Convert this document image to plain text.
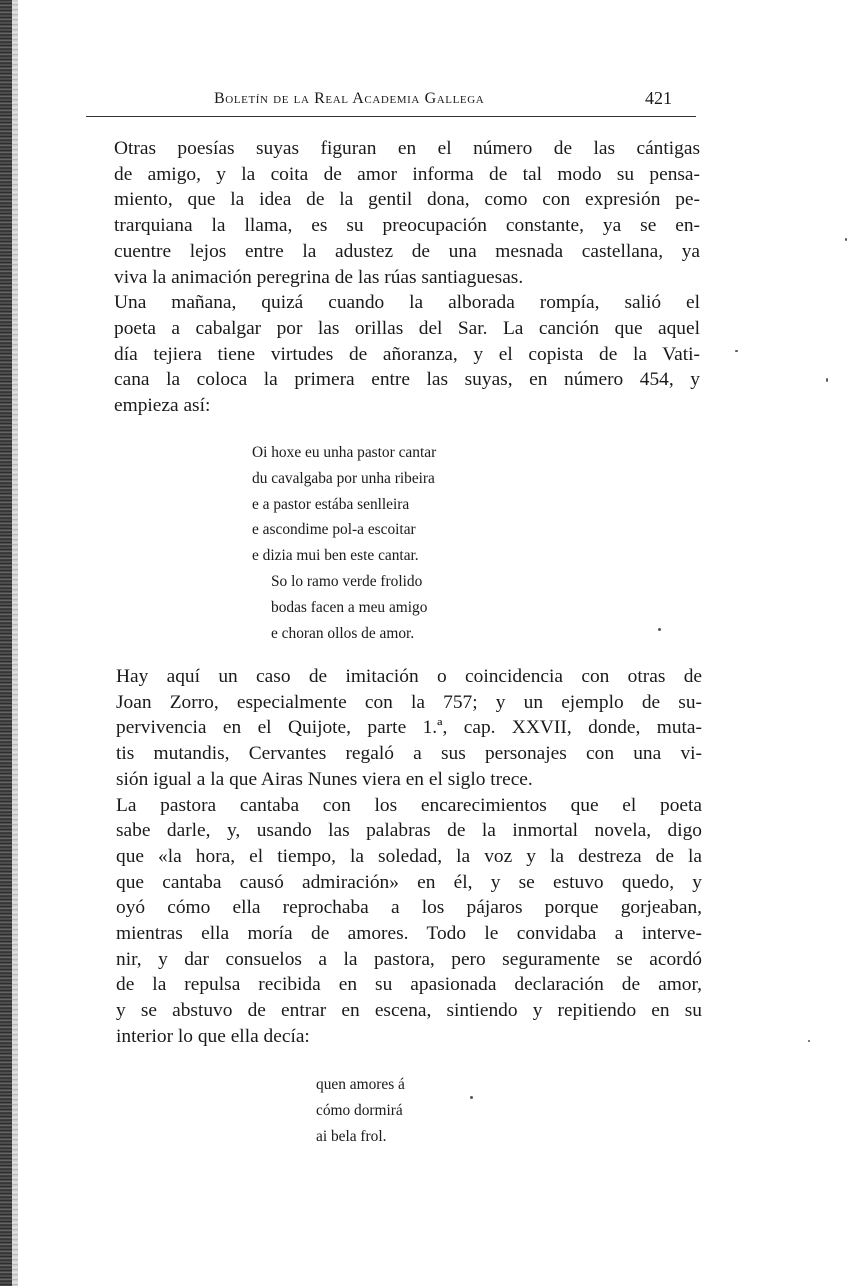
Boletín de la Real Academia Gallega	421

Otras poesías suyas figuran en el número de las cántigas
de amigo, y la coita de amor informa de tal modo su pensa-
miento, que la idea de la gentil dona, como con expresión pe-
trarquiana la llama, es su preocupación constante, ya se en-
cuentre lejos entre la adustez de una mesnada castellana, ya
viva la animación peregrina de las rúas santiaguesas.

Una mañana, quizá cuando la alborada rompía, salió el
poeta a cabalgar por las orillas del Sar. La canción que aquel
día tejiera tiene virtudes de añoranza, y el copista de la Vati-
cana la coloca la primera entre las suyas, en número 454, y
empieza así:

Oi hoxe eu unha pastor cantar
du cavalgaba por unha ribeira
e a pastor estába senlleira
e ascondime pol-a escoitar
e dizia mui ben este cantar.
So lo ramo verde frolido
bodas facen a meu amigo
e choran ollos de amor.

Hay aquí un caso de imitación o coincidencia con otras de
Joan Zorro, especialmente con la 757; y un ejemplo de su-
pervivencia en el Quijote, parte 1.ª, cap. XXVII, donde, muta-
tis mutandis, Cervantes regaló a sus personajes con una vi-
sión igual a la que Airas Nunes viera en el siglo trece.

La pastora cantaba con los encarecimientos que el poeta
sabe darle, y, usando las palabras de la inmortal novela, digo
que «la hora, el tiempo, la soledad, la voz y la destreza de la
que cantaba causó admiración» en él, y se estuvo quedo, y
oyó cómo ella reprochaba a los pájaros porque gorjeaban,
mientras ella moría de amores. Todo le convidaba a interve-
nir, y dar consuelos a la pastora, pero seguramente se acordó
de la repulsa recibida en su apasionada declaración de amor,
y se abstuvo de entrar en escena, sintiendo y repitiendo en su
interior lo que ella decía:

quen amores á
cómo dormirá
ai bela frol.
